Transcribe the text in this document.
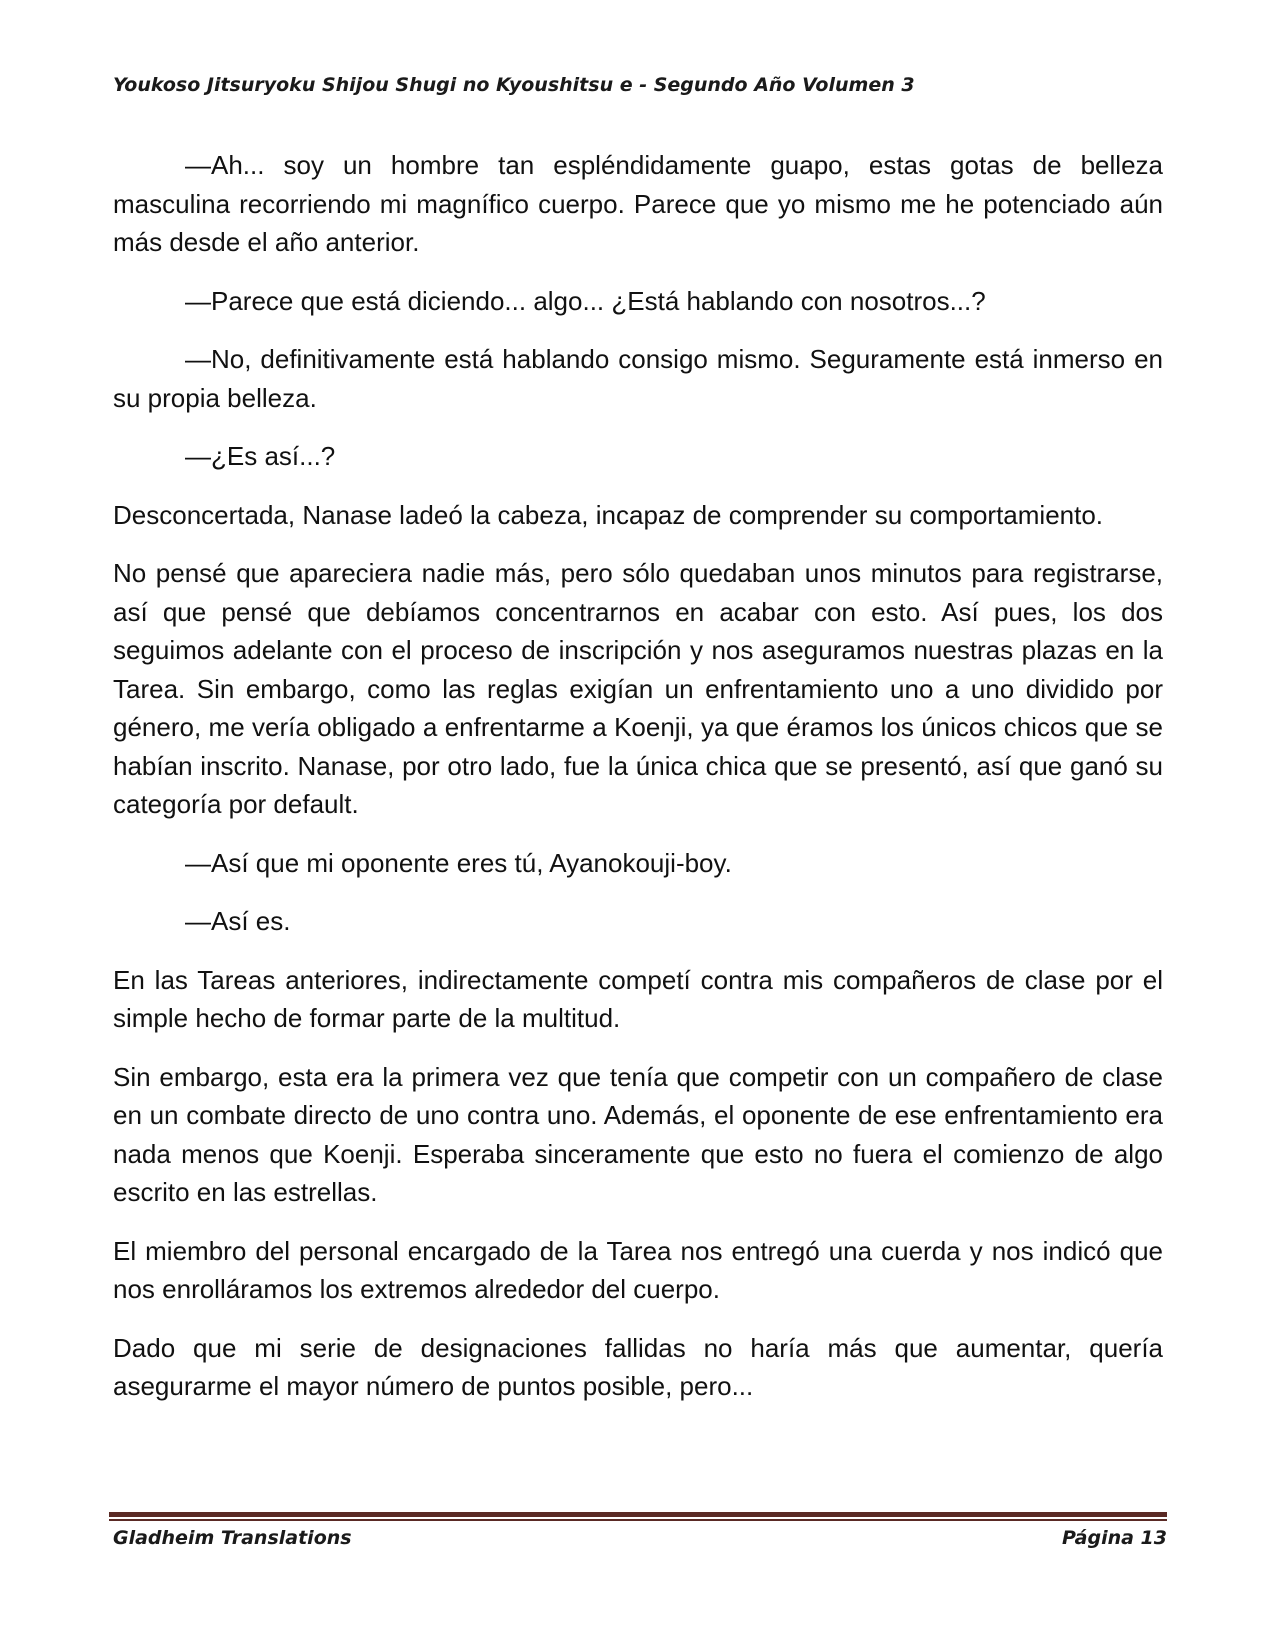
Youkoso Jitsuryoku Shijou Shugi no Kyoushitsu e - Segundo Año Volumen 3

—Ah... soy un hombre tan espléndidamente guapo, estas gotas de belleza masculina recorriendo mi magnífico cuerpo. Parece que yo mismo me he potenciado aún más desde el año anterior.

—Parece que está diciendo... algo... ¿Está hablando con nosotros...?

—No, definitivamente está hablando consigo mismo. Seguramente está inmerso en su propia belleza.

—¿Es así...?

Desconcertada, Nanase ladeó la cabeza, incapaz de comprender su comportamiento.

No pensé que apareciera nadie más, pero sólo quedaban unos minutos para registrarse, así que pensé que debíamos concentrarnos en acabar con esto. Así pues, los dos seguimos adelante con el proceso de inscripción y nos aseguramos nuestras plazas en la Tarea. Sin embargo, como las reglas exigían un enfrentamiento uno a uno dividido por género, me vería obligado a enfrentarme a Koenji, ya que éramos los únicos chicos que se habían inscrito. Nanase, por otro lado, fue la única chica que se presentó, así que ganó su categoría por default.

—Así que mi oponente eres tú, Ayanokouji-boy.

—Así es.

En las Tareas anteriores, indirectamente competí contra mis compañeros de clase por el simple hecho de formar parte de la multitud.

Sin embargo, esta era la primera vez que tenía que competir con un compañero de clase en un combate directo de uno contra uno. Además, el oponente de ese enfrentamiento era nada menos que Koenji. Esperaba sinceramente que esto no fuera el comienzo de algo escrito en las estrellas.

El miembro del personal encargado de la Tarea nos entregó una cuerda y nos indicó que nos enrolláramos los extremos alrededor del cuerpo.

Dado que mi serie de designaciones fallidas no haría más que aumentar, quería asegurarme el mayor número de puntos posible, pero...

Gladheim Translations	Página 13
